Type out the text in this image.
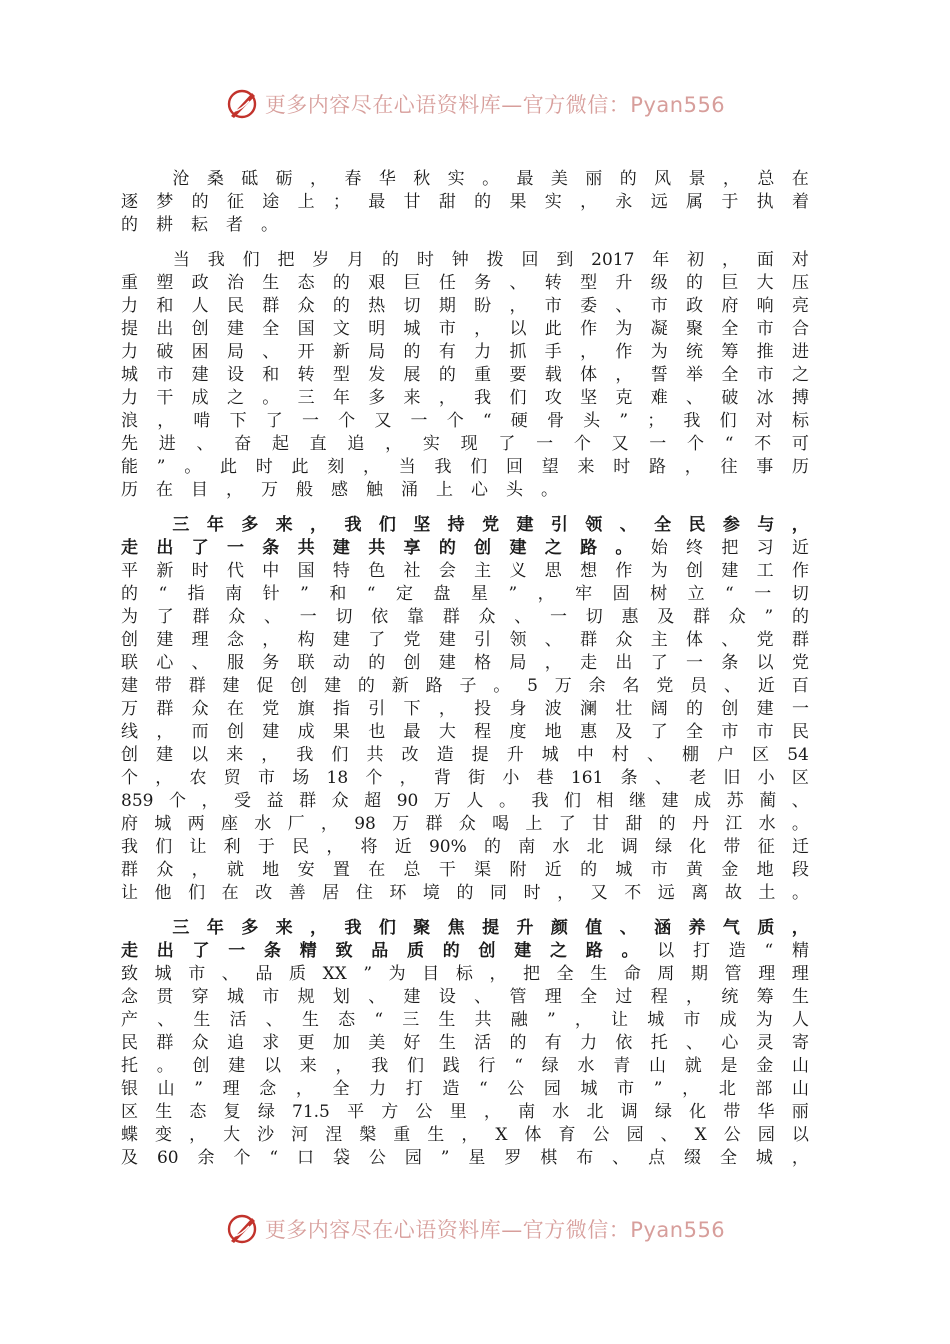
更多内容尽在心语资料库—官方微信：Pyan556
沧 桑 砥 砺 ， 春 华 秋 实 。 最 美 丽 的 风 景 ， 总 在
逐 梦 的 征 途 上 ； 最 甘 甜 的 果 实 ， 永 远 属 于 执 着
的 耕 耘 者 。
当 我 们 把 岁 月 的 时 钟 拨 回 到 2017 年 初 ， 面 对
重 塑 政 治 生 态 的 艰 巨 任 务 、 转 型 升 级 的 巨 大 压
力 和 人 民 群 众 的 热 切 期 盼 ， 市 委 、 市 政 府 响 亮
提 出 创 建 全 国 文 明 城 市 ， 以 此 作 为 凝 聚 全 市 合
力 破 困 局 、 开 新 局 的 有 力 抓 手 ， 作 为 统 筹 推 进
城 市 建 设 和 转 型 发 展 的 重 要 载 体 ， 誓 举 全 市 之
力 干 成 之 。 三 年 多 来 ， 我 们 攻 坚 克 难 、 破 冰 搏
浪 ， 啃 下 了 一 个 又 一 个 “ 硬 骨 头 ” ； 我 们 对 标
先 进 、 奋 起 直 追 ， 实 现 了 一 个 又 一 个 “ 不 可
能 ” 。 此 时 此 刻 ， 当 我 们 回 望 来 时 路 ， 往 事 历
历 在 目 ， 万 般 感 触 涌 上 心 头 。
三 年 多 来 ， 我 们 坚 持 党 建 引 领 、 全 民 参 与 ，
走 出 了 一 条 共 建 共 享 的 创 建 之 路 。 始 终 把 习 近
平 新 时 代 中 国 特 色 社 会 主 义 思 想 作 为 创 建 工 作
的 “ 指 南 针 ” 和 “ 定 盘 星 ” ， 牢 固 树 立 “ 一 切
为 了 群 众 、 一 切 依 靠 群 众 、 一 切 惠 及 群 众 ” 的
创 建 理 念 ， 构 建 了 党 建 引 领 、 群 众 主 体 、 党 群
联 心 、 服 务 联 动 的 创 建 格 局 ， 走 出 了 一 条 以 党
建 带 群 建 促 创 建 的 新 路 子 。 5 万 余 名 党 员 、 近 百
万 群 众 在 党 旗 指 引 下 ， 投 身 波 澜 壮 阔 的 创 建 一
线 ， 而 创 建 成 果 也 最 大 程 度 地 惠 及 了 全 市 市 民
创 建 以 来 ， 我 们 共 改 造 提 升 城 中 村 、 棚 户 区 54
个 ， 农 贸 市 场 18 个 ， 背 街 小 巷 161 条 、 老 旧 小 区
859 个 ， 受 益 群 众 超 90 万 人 。 我 们 相 继 建 成 苏 蔺 、
府 城 两 座 水 厂 ， 98 万 群 众 喝 上 了 甘 甜 的 丹 江 水 。
我 们 让 利 于 民 ， 将 近 90% 的 南 水 北 调 绿 化 带 征 迁
群 众 ， 就 地 安 置 在 总 干 渠 附 近 的 城 市 黄 金 地 段
让 他 们 在 改 善 居 住 环 境 的 同 时 ， 又 不 远 离 故 土 。
三 年 多 来 ， 我 们 聚 焦 提 升 颜 值 、 涵 养 气 质 ，
走 出 了 一 条 精 致 品 质 的 创 建 之 路 。 以 打 造 “ 精
致 城 市 、 品 质 XX ” 为 目 标 ， 把 全 生 命 周 期 管 理 理
念 贯 穿 城 市 规 划 、 建 设 、 管 理 全 过 程 ， 统 筹 生
产 、 生 活 、 生 态 “ 三 生 共 融 ” ， 让 城 市 成 为 人
民 群 众 追 求 更 加 美 好 生 活 的 有 力 依 托 、 心 灵 寄
托 。 创 建 以 来 ， 我 们 践 行 “ 绿 水 青 山 就 是 金 山
银 山 ” 理 念 ， 全 力 打 造 “ 公 园 城 市 ” ， 北 部 山
区 生 态 复 绿 71.5 平 方 公 里 ， 南 水 北 调 绿 化 带 华 丽
蝶 变 ， 大 沙 河 涅 槃 重 生 ， X 体 育 公 园 、 X 公 园 以
及 60 余 个 “ 口 袋 公 园 ” 星 罗 棋 布 、 点 缀 全 城 ，
更多内容尽在心语资料库—官方微信：Pyan556
